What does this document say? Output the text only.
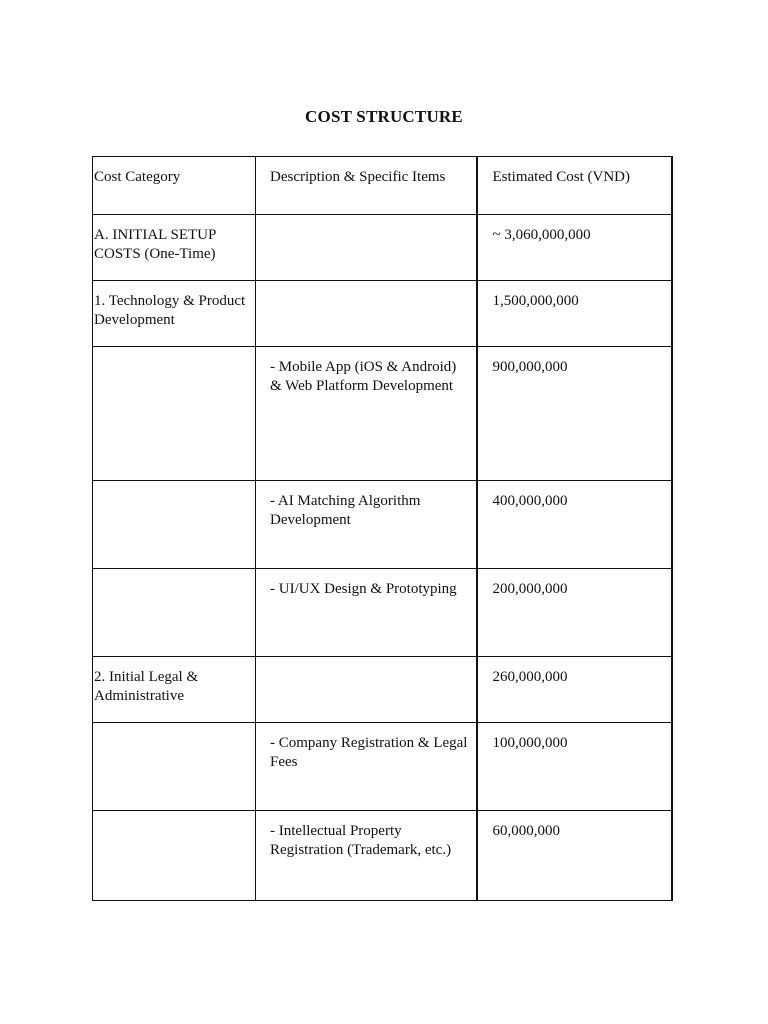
COST STRUCTURE
Cost Category	Description & Specific Items	Estimated Cost (VND)
A. INITIAL SETUP COSTS (One-Time)		~ 3,060,000,000
1. Technology & Product Development		1,500,000,000
	- Mobile App (iOS & Android) & Web Platform Development	900,000,000
	- AI Matching Algorithm Development	400,000,000
	- UI/UX Design & Prototyping	200,000,000
2. Initial Legal & Administrative		260,000,000
	- Company Registration & Legal Fees	100,000,000
	- Intellectual Property Registration (Trademark, etc.)	60,000,000
